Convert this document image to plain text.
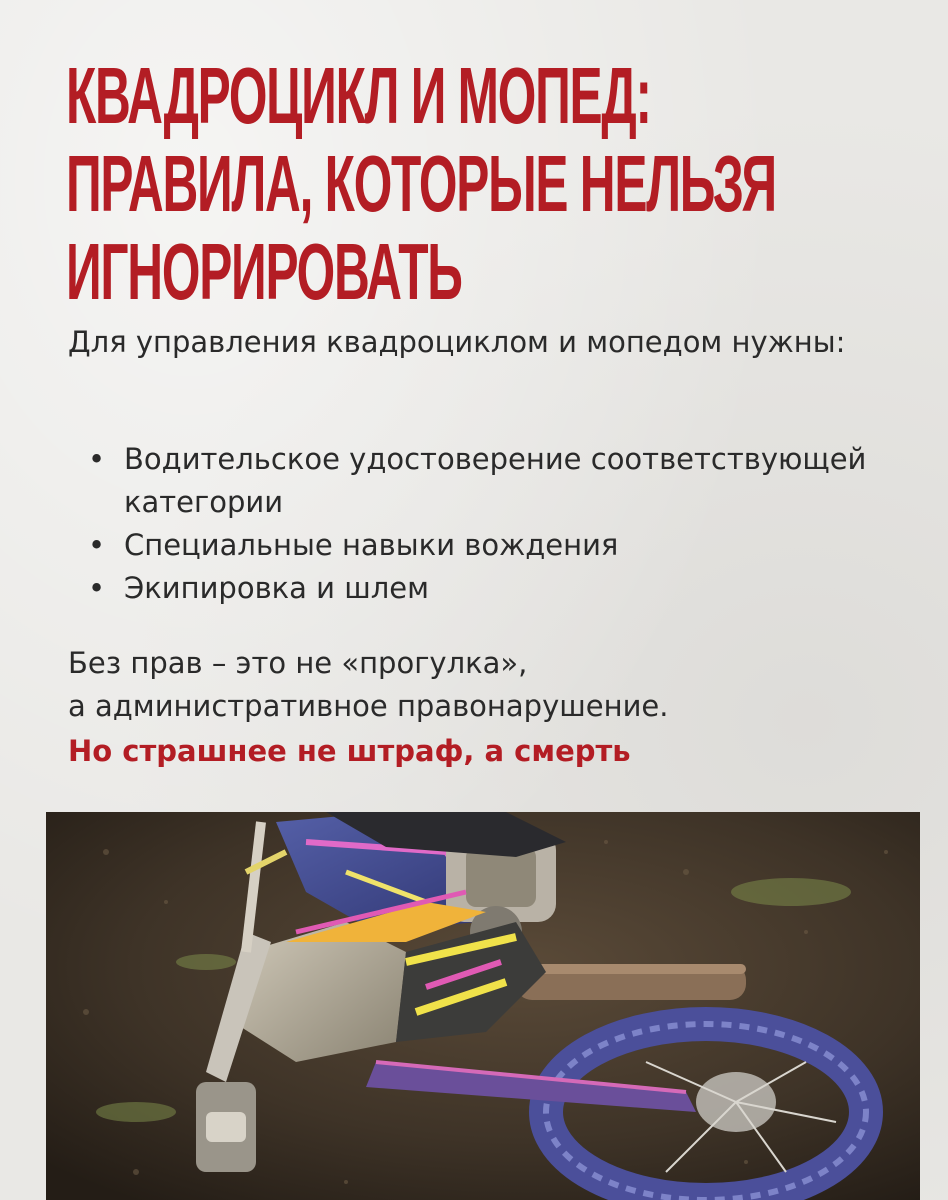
КВАДРОЦИКЛ И МОПЕД:
ПРАВИЛА, КОТОРЫЕ НЕЛЬЗЯ
ИГНОРИРОВАТЬ

Для управления квадроциклом и мопедом нужны:

• Водительское удостоверение соответствующей категории
• Специальные навыки вождения
• Экипировка и шлем

Без прав – это не «прогулка»,
а административное правонарушение.

Но страшнее не штраф, а смерть
